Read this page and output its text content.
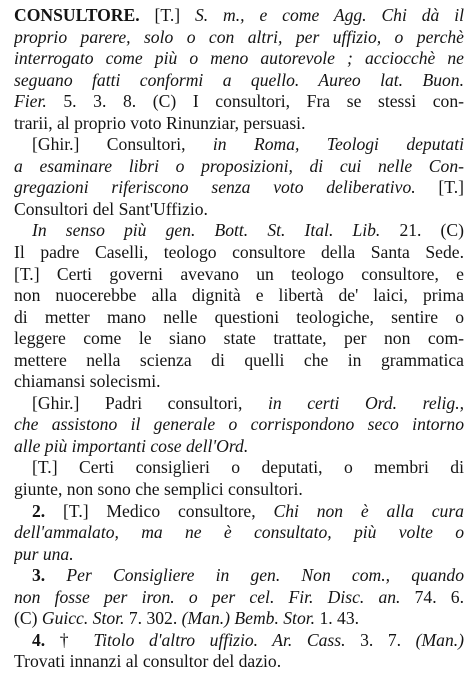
CONSULTORE. [T.] S. m., e come Agg. Chi dà il
proprio parere, solo o con altri, per uffizio, o perchè
interrogato come più o meno autorevole ; acciocchè ne
seguano fatti conformi a quello. Aureo lat. Buon.
Fier. 5. 3. 8. (C) I consultori, Fra se stessi con-
trarii, al proprio voto Rinunziar, persuasi.
[Ghir.] Consultori, in Roma, Teologi deputati
a esaminare libri o proposizioni, di cui nelle Con-
gregazioni riferiscono senza voto deliberativo. [T.]
Consultori del Sant'Uffizio.
In senso più gen. Bott. St. Ital. Lib. 21. (C)
Il padre Caselli, teologo consultore della Santa Sede.
[T.] Certi governi avevano un teologo consultore, e
non nuocerebbe alla dignità e libertà de' laici, prima
di metter mano nelle questioni teologiche, sentire o
leggere come le siano state trattate, per non com-
mettere nella scienza di quelli che in grammatica
chiamansi solecismi.
[Ghir.] Padri consultori, in certi Ord. relig.,
che assistono il generale o corrispondono seco intorno
alle più importanti cose dell'Ord.
[T.] Certi consiglieri o deputati, o membri di
giunte, non sono che semplici consultori.
2. [T.] Medico consultore, Chi non è alla cura
dell'ammalato, ma ne è consultato, più volte o
pur una.
3. Per Consigliere in gen. Non com., quando
non fosse per iron. o per cel. Fir. Disc. an. 74. 6.
(C) Guicc. Stor. 7. 302. (Man.) Bemb. Stor. 1. 43.
4. † Titolo d'altro uffizio. Ar. Cass. 3. 7. (Man.)
Trovati innanzi al consultor del dazio.
